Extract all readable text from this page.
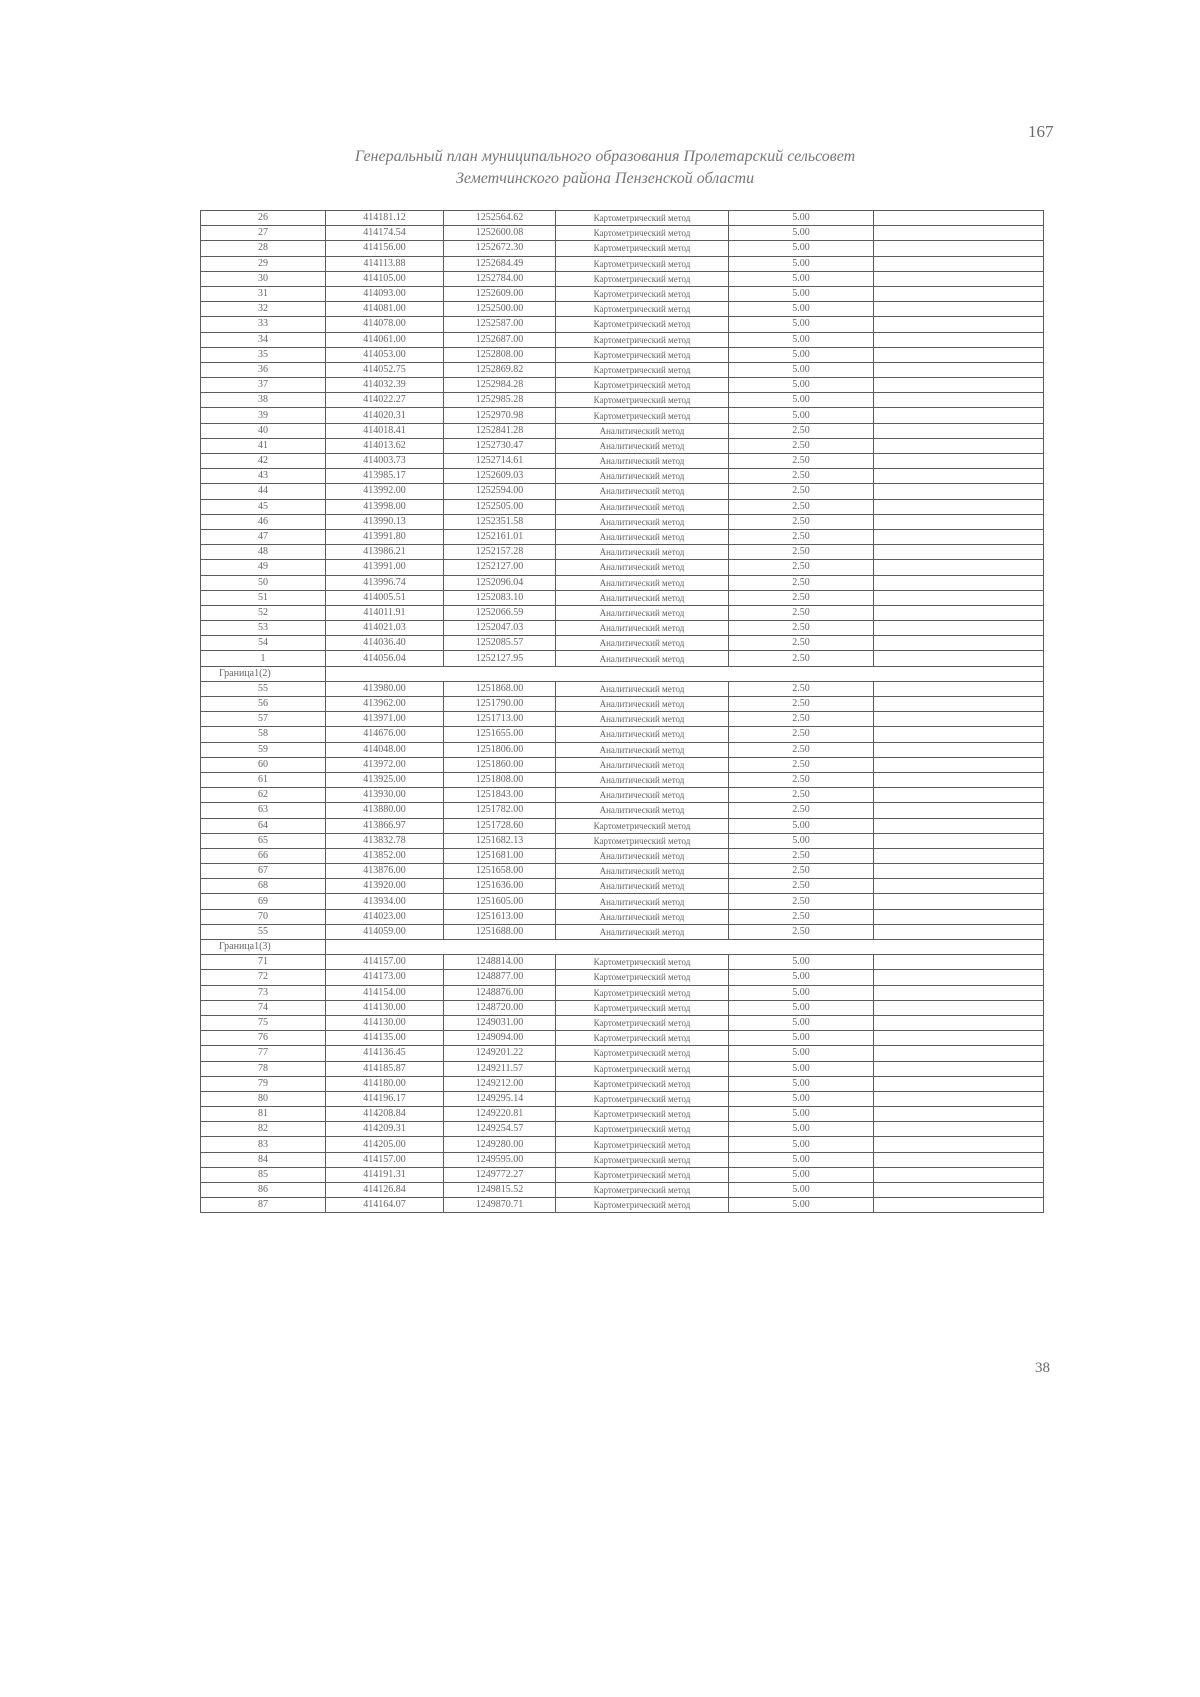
167
Генеральный план муниципального образования Пролетарский сельсовет
Земетчинского района Пензенской области
26	414181.12	1252564.62	Картометрический метод	5.00	
27	414174.54	1252600.08	Картометрический метод	5.00	
28	414156.00	1252672.30	Картометрический метод	5.00	
29	414113.88	1252684.49	Картометрический метод	5.00	
30	414105.00	1252784.00	Картометрический метод	5.00	
31	414093.00	1252609.00	Картометрический метод	5.00	
32	414081.00	1252500.00	Картометрический метод	5.00	
33	414078.00	1252587.00	Картометрический метод	5.00	
34	414061.00	1252687.00	Картометрический метод	5.00	
35	414053.00	1252808.00	Картометрический метод	5.00	
36	414052.75	1252869.82	Картометрический метод	5.00	
37	414032.39	1252984.28	Картометрический метод	5.00	
38	414022.27	1252985.28	Картометрический метод	5.00	
39	414020.31	1252970.98	Картометрический метод	5.00	
40	414018.41	1252841.28	Аналитический метод	2.50	
41	414013.62	1252730.47	Аналитический метод	2.50	
42	414003.73	1252714.61	Аналитический метод	2.50	
43	413985.17	1252609.03	Аналитический метод	2.50	
44	413992.00	1252594.00	Аналитический метод	2.50	
45	413998.00	1252505.00	Аналитический метод	2.50	
46	413990.13	1252351.58	Аналитический метод	2.50	
47	413991.80	1252161.01	Аналитический метод	2.50	
48	413986.21	1252157.28	Аналитический метод	2.50	
49	413991.00	1252127.00	Аналитический метод	2.50	
50	413996.74	1252096.04	Аналитический метод	2.50	
51	414005.51	1252083.10	Аналитический метод	2.50	
52	414011.91	1252066.59	Аналитический метод	2.50	
53	414021.03	1252047.03	Аналитический метод	2.50	
54	414036.40	1252085.57	Аналитический метод	2.50	
1	414056.04	1252127.95	Аналитический метод	2.50	
Граница1(2)					
55	413980.00	1251868.00	Аналитический метод	2.50	
56	413962.00	1251790.00	Аналитический метод	2.50	
57	413971.00	1251713.00	Аналитический метод	2.50	
58	414676.00	1251655.00	Аналитический метод	2.50	
59	414048.00	1251806.00	Аналитический метод	2.50	
60	413972.00	1251860.00	Аналитический метод	2.50	
61	413925.00	1251808.00	Аналитический метод	2.50	
62	413930.00	1251843.00	Аналитический метод	2.50	
63	413880.00	1251782.00	Аналитический метод	2.50	
64	413866.97	1251728.60	Картометрический метод	5.00	
65	413832.78	1251682.13	Картометрический метод	5.00	
66	413852.00	1251681.00	Аналитический метод	2.50	
67	413876.00	1251658.00	Аналитический метод	2.50	
68	413920.00	1251636.00	Аналитический метод	2.50	
69	413934.00	1251605.00	Аналитический метод	2.50	
70	414023.00	1251613.00	Аналитический метод	2.50	
55	414059.00	1251688.00	Аналитический метод	2.50	
Граница1(3)					
71	414157.00	1248814.00	Картометрический метод	5.00	
72	414173.00	1248877.00	Картометрический метод	5.00	
73	414154.00	1248876.00	Картометрический метод	5.00	
74	414130.00	1248720.00	Картометрический метод	5.00	
75	414130.00	1249031.00	Картометрический метод	5.00	
76	414135.00	1249094.00	Картометрический метод	5.00	
77	414136.45	1249201.22	Картометрический метод	5.00	
78	414185.87	1249211.57	Картометрический метод	5.00	
79	414180.00	1249212.00	Картометрический метод	5.00	
80	414196.17	1249295.14	Картометрический метод	5.00	
81	414208.84	1249220.81	Картометрический метод	5.00	
82	414209.31	1249254.57	Картометрический метод	5.00	
83	414205.00	1249280.00	Картометрический метод	5.00	
84	414157.00	1249595.00	Картометрический метод	5.00	
85	414191.31	1249772.27	Картометрический метод	5.00	
86	414126.84	1249815.52	Картометрический метод	5.00	
87	414164.07	1249870.71	Картометрический метод	5.00	
38
